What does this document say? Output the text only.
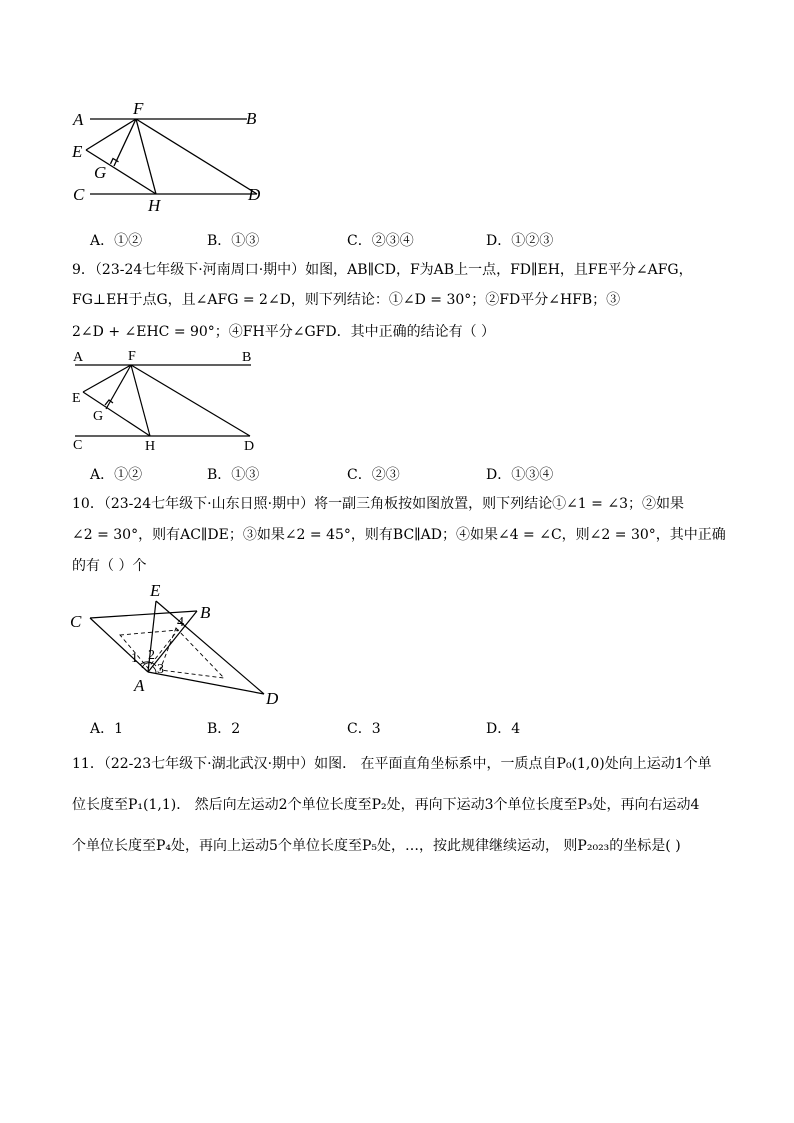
A
F
B
E
G
C
H
D
A．①②	B．①③	C．②③④	D．①②③
9．（23-24七年级下·河南周口·期中）如图，AB∥CD，F为AB上一点，FD∥EH，且FE平分∠AFG，
FG⊥EH于点G，且∠AFG = 2∠D，则下列结论：①∠D = 30°；②FD平分∠HFB；③
2∠D + ∠EHC = 90°；④FH平分∠GFD．其中正确的结论有（ ）
A	F	B
E
G
C	H	D
A．①②	B．①③	C．②③	D．①③④
10．（23-24七年级下·山东日照·期中）将一副三角板按如图放置，则下列结论①∠1 = ∠3；②如果
∠2 = 30°，则有AC∥DE；③如果∠2 = 45°，则有BC∥AD；④如果∠4 = ∠C，则∠2 = 30°，其中正确
的有（ ）个
C
E
B
A
D
1 2
3
4
A．1	B．2	C．3	D．4
11．（22-23七年级下·湖北武汉·期中）如图． 在平面直角坐标系中，一质点自P₀(1,0)处向上运动1个单
位长度至P₁(1,1)． 然后向左运动2个单位长度至P₂处，再向下运动3个单位长度至P₃处，再向右运动4
个单位长度至P₄处，再向上运动5个单位长度至P₅处，…，按此规律继续运动， 则P₂₀₂₃的坐标是( )
